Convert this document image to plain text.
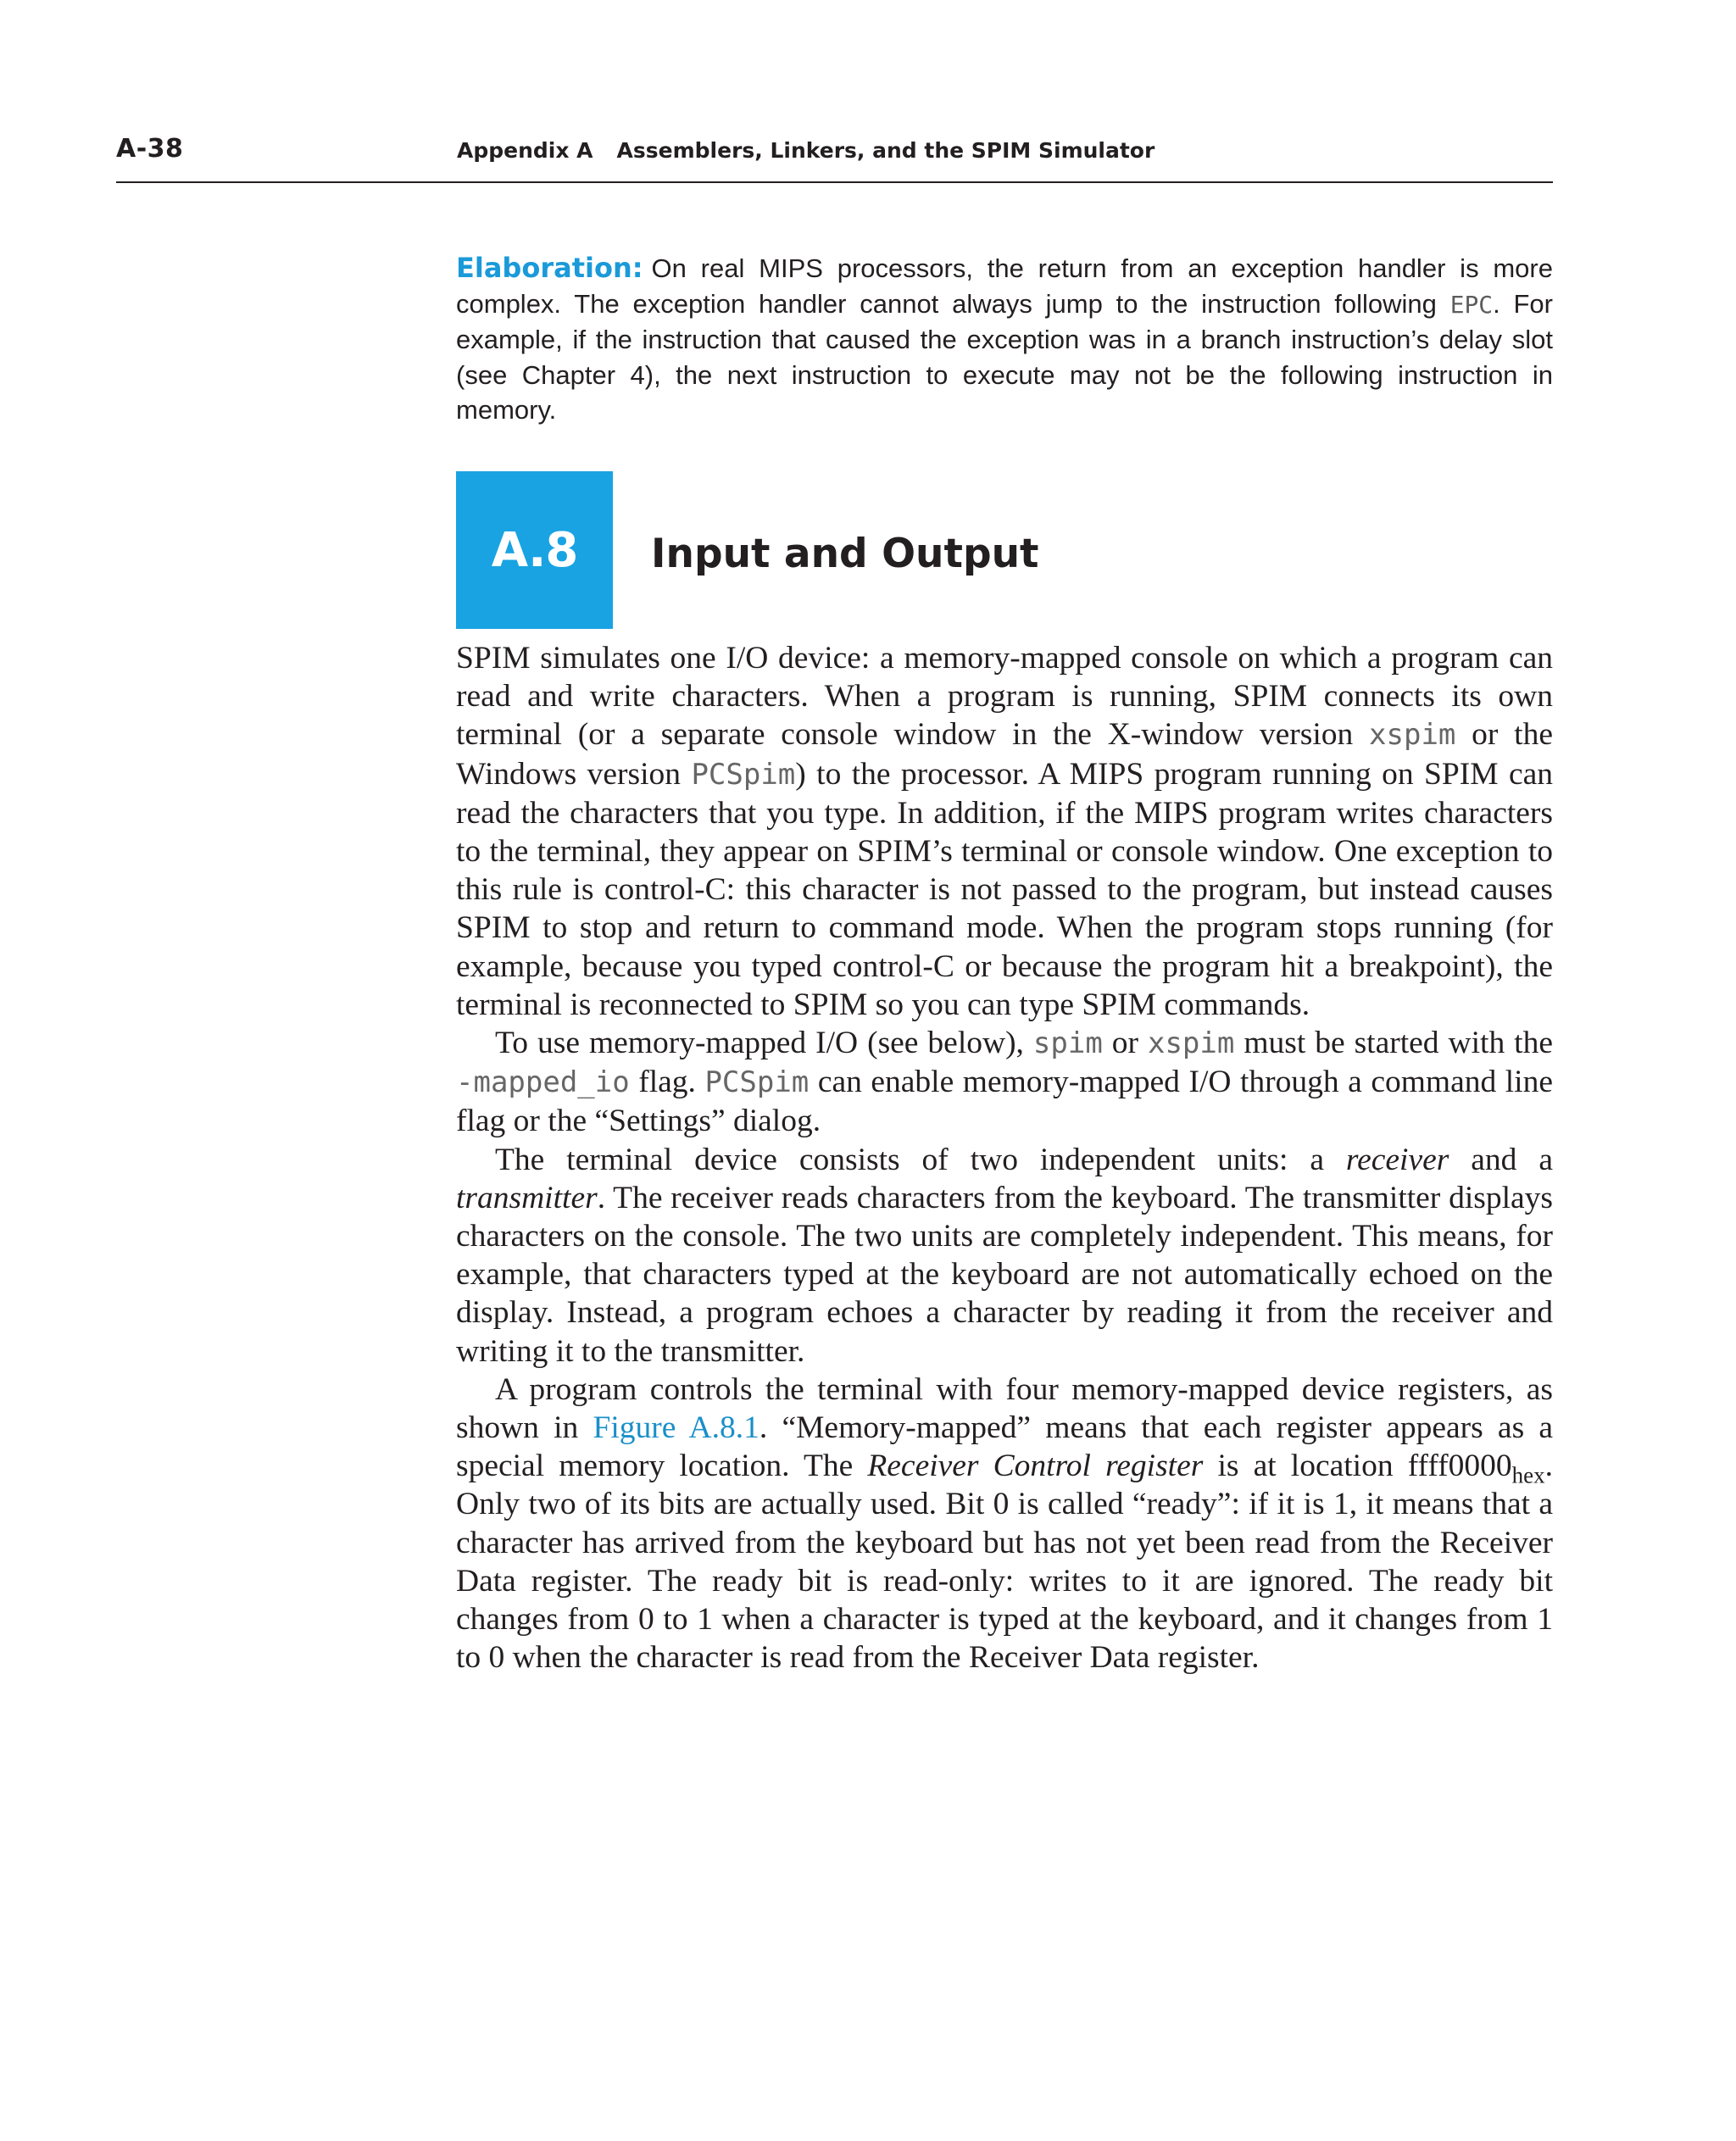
A-38	Appendix A Assemblers, Linkers, and the SPIM Simulator
Elaboration: On real MIPS processors, the return from an exception handler is more complex. The exception handler cannot always jump to the instruction following EPC. For example, if the instruction that caused the exception was in a branch instruction’s delay slot (see Chapter 4), the next instruction to execute may not be the following instruction in memory.
A.8 Input and Output

SPIM simulates one I/O device: a memory-mapped console on which a program can read and write characters. When a program is running, SPIM connects its own terminal (or a separate console window in the X-window version xspim or the Windows version PCSpim) to the processor. A MIPS program running on SPIM can read the characters that you type. In addition, if the MIPS program writes characters to the terminal, they appear on SPIM’s terminal or console window. One exception to this rule is control-C: this character is not passed to the program, but instead causes SPIM to stop and return to command mode. When the program stops running (for example, because you typed control-C or because the program hit a breakpoint), the terminal is reconnected to SPIM so you can type SPIM commands.

To use memory-mapped I/O (see below), spim or xspim must be started with the -mapped_io flag. PCSpim can enable memory-mapped I/O through a command line flag or the “Settings” dialog.

The terminal device consists of two independent units: a receiver and a transmitter. The receiver reads characters from the keyboard. The transmitter displays characters on the console. The two units are completely independent. This means, for example, that characters typed at the keyboard are not automatically echoed on the display. Instead, a program echoes a character by reading it from the receiver and writing it to the transmitter.

A program controls the terminal with four memory-mapped device registers, as shown in Figure A.8.1. “Memory-mapped” means that each register appears as a special memory location. The Receiver Control register is at location $ffff0000_{hex}$. Only two of its bits are actually used. Bit 0 is called “ready”: if it is 1, it means that a character has arrived from the keyboard but has not yet been read from the Receiver Data register. The ready bit is read-only: writes to it are ignored. The ready bit changes from 0 to 1 when a character is typed at the keyboard, and it changes from 1 to 0 when the character is read from the Receiver Data register.
